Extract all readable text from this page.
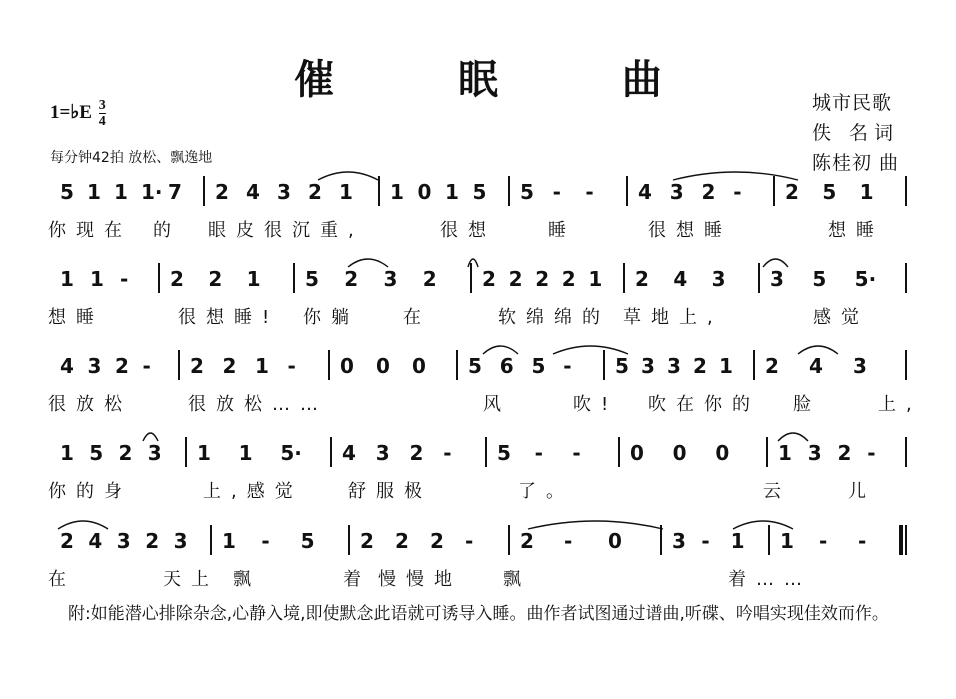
催 眠 曲	城市民歌
佚 名词
陈桂初 曲
1=♭E $\frac{3}{4}$
每分钟42拍 放松、飘逸地
5 1 1 1· 7 2 4 3 2 1 1 0 1 5 5 - - 4 3 2 - 2 5 1
你现在 的 眼皮很沉重,	很想	睡	很想睡	想睡
1 1 - 2 2 1 5 2 3 2 2 2 2 2 1 2 4 3 3 5 5·
想睡	很想睡! 你躺 在	软绵绵的 草地上,	感觉
4 3 2 - 2 2 1 - 0 0 0 5 6 5 - 5 3 3 2 1 2 4 3
很放松	很放松……	风	吹! 吹在你的 脸	上,
1 5 2 3 1 1 5· 4 3 2 - 5 - - 0 0 0 1 3 2 -
你的身	上,感觉	舒服极	了。	云	儿
2 4 3 2 3 1 - 5 2 2 2 - 2 - 0	3 - 1 1 - -
在	天上 飘	着 慢慢地 飘	着……
附:如能潜心排除杂念,心静入境,即使默念此语就可诱导入睡。曲作者试图通过谱曲,听碟、吟唱实现佳效而作。
